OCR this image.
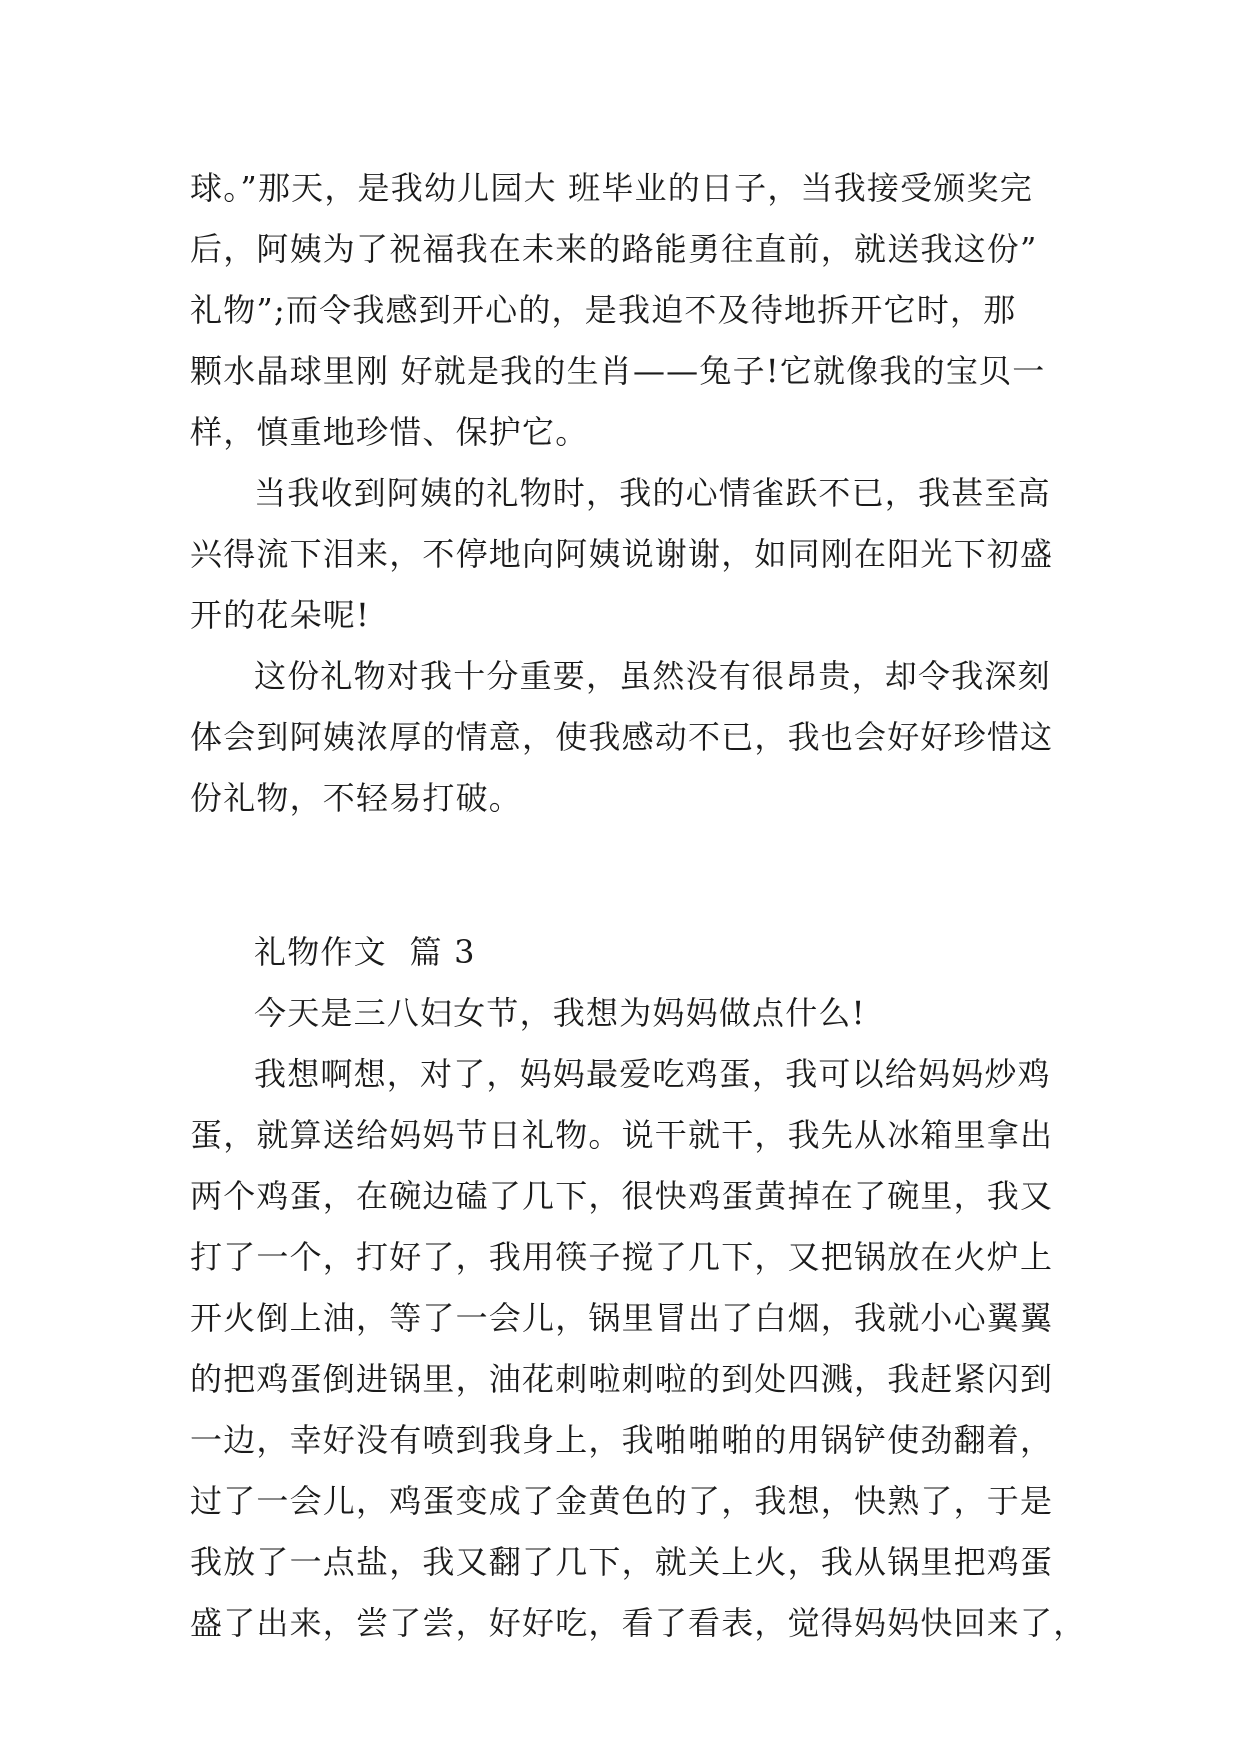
球。”那天，是我幼儿园大 班毕业的日子，当我接受颁奖完
后，阿姨为了祝福我在未来的路能勇往直前，就送我这份”
礼物”;而令我感到开心的，是我迫不及待地拆开它时，那
颗水晶球里刚 好就是我的生肖——兔子!它就像我的宝贝一
样，慎重地珍惜、保护它。
当我收到阿姨的礼物时，我的心情雀跃不已，我甚至高
兴得流下泪来，不停地向阿姨说谢谢，如同刚在阳光下初盛
开的花朵呢!
这份礼物对我十分重要，虽然没有很昂贵，却令我深刻
体会到阿姨浓厚的情意，使我感动不已，我也会好好珍惜这
份礼物，不轻易打破。
礼物作文  篇 3
今天是三八妇女节，我想为妈妈做点什么!
我想啊想，对了，妈妈最爱吃鸡蛋，我可以给妈妈炒鸡
蛋，就算送给妈妈节日礼物。说干就干，我先从冰箱里拿出
两个鸡蛋，在碗边磕了几下，很快鸡蛋黄掉在了碗里，我又
打了一个，打好了，我用筷子搅了几下，又把锅放在火炉上
开火倒上油，等了一会儿，锅里冒出了白烟，我就小心翼翼
的把鸡蛋倒进锅里，油花刺啦刺啦的到处四溅，我赶紧闪到
一边，幸好没有喷到我身上，我啪啪啪的用锅铲使劲翻着，
过了一会儿，鸡蛋变成了金黄色的了，我想，快熟了，于是
我放了一点盐，我又翻了几下，就关上火，我从锅里把鸡蛋
盛了出来，尝了尝，好好吃，看了看表，觉得妈妈快回来了，
